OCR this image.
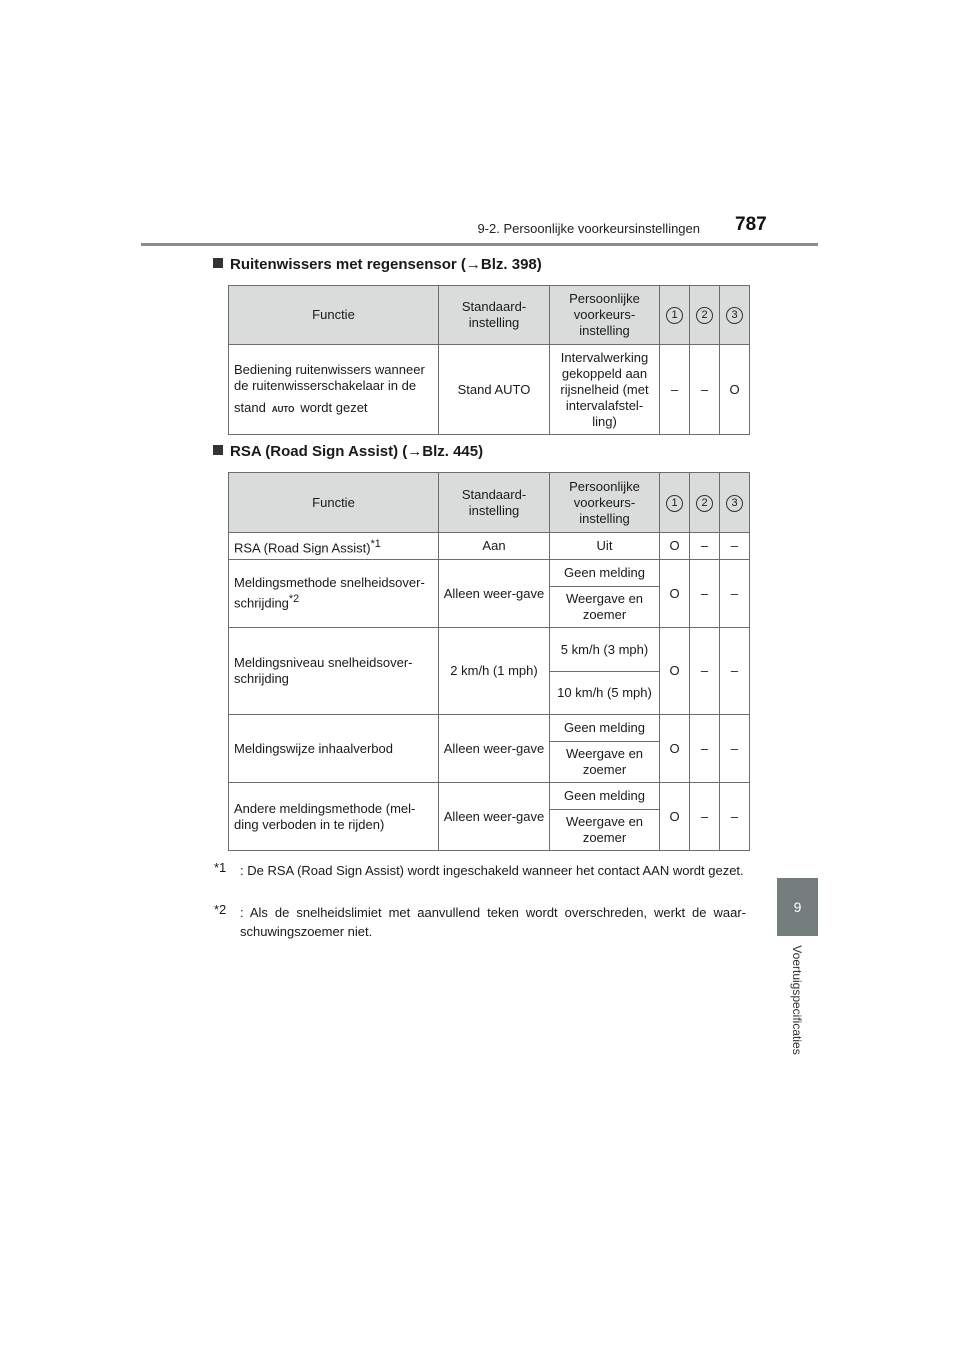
9-2. Persoonlijke voorkeursinstellingen 787
9
Voertuigspecificaties
Ruitenwissers met regensensor (→Blz. 398)
Functie	Standaard-instelling	Persoonlijke voorkeurs-instelling	1	2	3
Bediening ruitenwissers wanneer de ruitenwisserschakelaar in de
stand AUTO wordt gezet	Stand AUTO	Intervalwerking gekoppeld aan rijsnelheid (met intervalafstel-ling)	–	–	O
RSA (Road Sign Assist) (→Blz. 445)
Functie	Standaard-instelling	Persoonlijke voorkeurs-instelling	1	2	3
RSA (Road Sign Assist)$^{*1}$	Aan	Uit	O	–	–
Meldingsmethode snelheidsover-schrijding$^{*2}$	Alleen weer-gave	Geen melding	O	–	–
		Weergave en zoemer			
Meldingsniveau snelheidsover-schrijding	2 km/h (1 mph)	5 km/h (3 mph)	O	–	–
		10 km/h (5 mph)			
Meldingswijze inhaalverbod	Alleen weer-gave	Geen melding	O	–	–
		Weergave en zoemer			
Andere meldingsmethode (mel-ding verboden in te rijden)	Alleen weer-gave	Geen melding	O	–	–
		Weergave en zoemer			
*1	: De RSA (Road Sign Assist) wordt ingeschakeld wanneer het contact AAN wordt gezet.
*2	: Als de snelheidslimiet met aanvullend teken wordt overschreden, werkt de waar-schuwingszoemer niet.
